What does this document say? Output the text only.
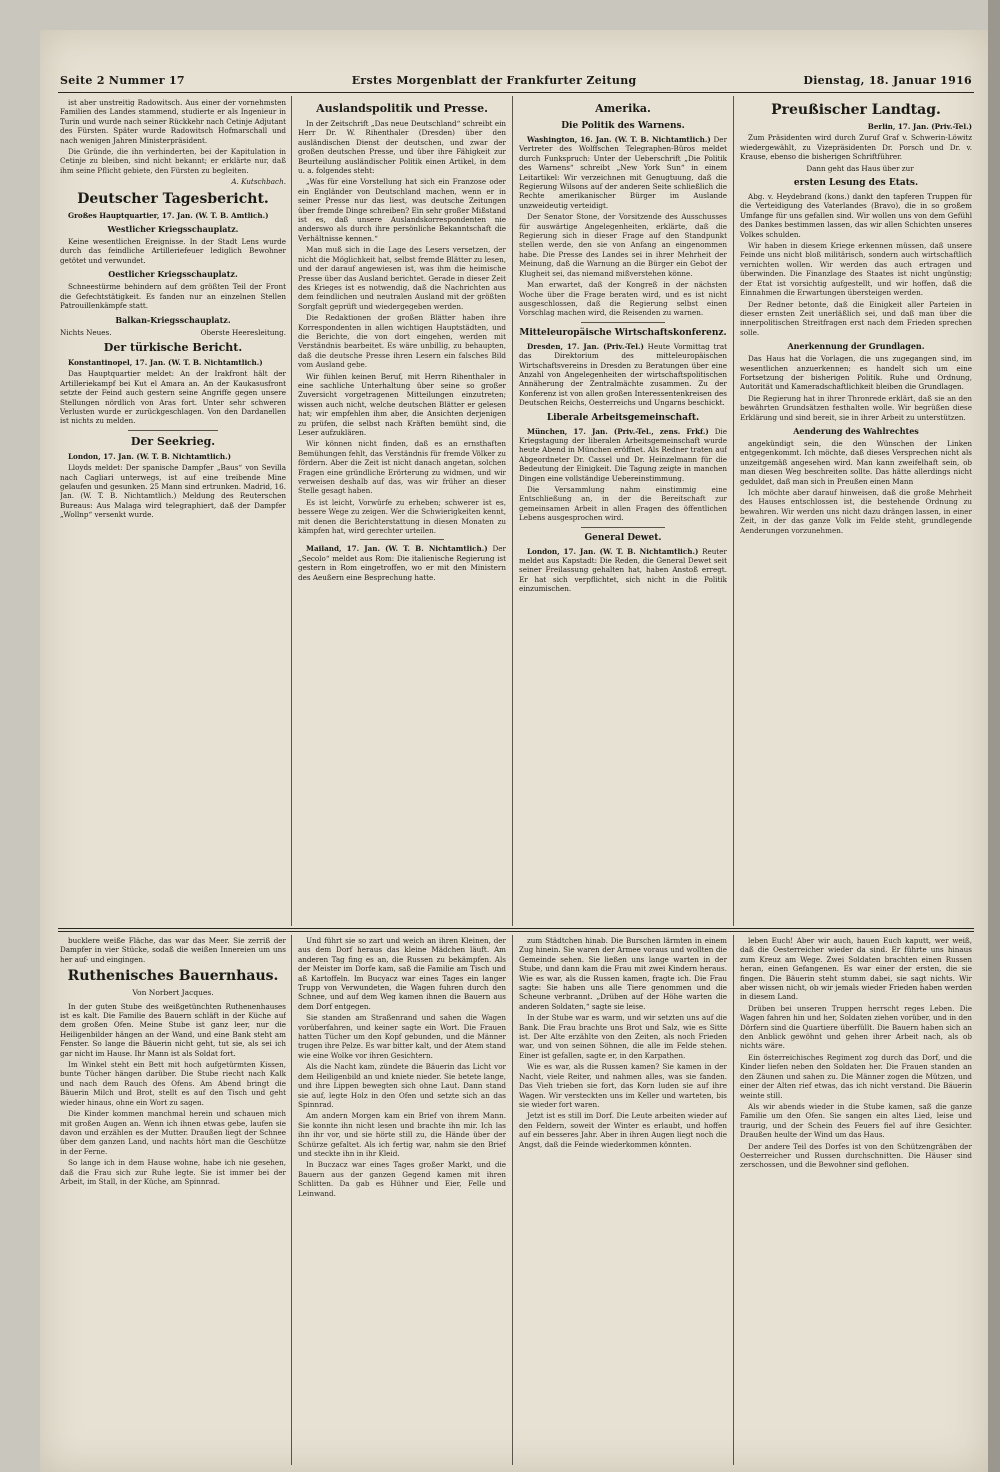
Seite 2 Nummer 17	Erstes Morgenblatt der Frankfurter Zeitung	Dienstag, 18. Januar 1916

ist aber unstreitig Radowitsch. Aus einer der vornehmsten Familien des Landes stammend, studierte er als Ingenieur in Turin und wurde nach seiner Rückkehr nach Cetinje Adjutant des Fürsten. Später wurde Radowitsch Hofmarschall und nach wenigen Jahren Ministerpräsident.

Die Gründe, die ihn verhinderten, bei der Kapitulation in Cetinje zu bleiben, sind nicht bekannt; er erklärte nur, daß ihm seine Pflicht gebiete, den Fürsten zu begleiten.

A. Kutschbach.
Deutscher Tagesbericht.

Großes Hauptquartier, 17. Jan. (W. T. B. Amtlich.)

Westlicher Kriegsschauplatz.

Keine wesentlichen Ereignisse. In der Stadt Lens wurde durch das feindliche Artilleriefeuer lediglich Bewohner getötet und verwundet.

Oestlicher Kriegsschauplatz.

Schneestürme behindern auf dem größten Teil der Front die Gefechtstätigkeit. Es fanden nur an einzelnen Stellen Patrouillenkämpfe statt.

Balkan-Kriegsschauplatz.
Nichts Neues.	Oberste Heeresleitung.
Der türkische Bericht.

Konstantinopel, 17. Jan. (W. T. B. Nichtamtlich.)

Das Hauptquartier meldet: An der Irakfront hält der Artilleriekampf bei Kut el Amara an. An der Kaukasusfront setzte der Feind auch gestern seine Angriffe gegen unsere Stellungen nördlich von Aras fort. Unter sehr schweren Verlusten wurde er zurückgeschlagen. Von den Dardanellen ist nichts zu melden.

Der Seekrieg.

London, 17. Jan. (W. T. B. Nichtamtlich.)

Lloyds meldet: Der spanische Dampfer „Baus“ von Sevilla nach Cagliari unterwegs, ist auf eine treibende Mine gelaufen und gesunken. 25 Mann sind ertrunken. Madrid, 16. Jan. (W. T. B. Nichtamtlich.) Meldung des Reuterschen Bureaus: Aus Malaga wird telegraphiert, daß der Dampfer „Wollnp“ versenkt wurde.

Auslandspolitik und Presse.

In der Zeitschrift „Das neue Deutschland“ schreibt ein Herr Dr. W. Rihenthaler (Dresden) über den ausländischen Dienst der deutschen, und zwar der großen deutschen Presse, und über ihre Fähigkeit zur Beurteilung ausländischer Politik einen Artikel, in dem u. a. folgendes steht:

„Was für eine Vorstellung hat sich ein Franzose oder ein Engländer von Deutschland machen, wenn er in seiner Presse nur das liest, was deutsche Zeitungen über fremde Dinge schreiben? Ein sehr großer Mißstand ist es, daß unsere Auslandskorrespondenten nie anderswo als durch ihre persönliche Bekanntschaft die Verhältnisse kennen.“

Man muß sich in die Lage des Lesers versetzen, der nicht die Möglichkeit hat, selbst fremde Blätter zu lesen, und der darauf angewiesen ist, was ihm die heimische Presse über das Ausland berichtet. Gerade in dieser Zeit des Krieges ist es notwendig, daß die Nachrichten aus dem feindlichen und neutralen Ausland mit der größten Sorgfalt geprüft und wiedergegeben werden.

Die Redaktionen der großen Blätter haben ihre Korrespondenten in allen wichtigen Hauptstädten, und die Berichte, die von dort eingehen, werden mit Verständnis bearbeitet. Es wäre unbillig, zu behaupten, daß die deutsche Presse ihren Lesern ein falsches Bild vom Ausland gebe.

Wir fühlen keinen Beruf, mit Herrn Rihenthaler in eine sachliche Unterhaltung über seine so großer Zuversicht vorgetragenen Mitteilungen einzutreten; wissen auch nicht, welche deutschen Blätter er gelesen hat; wir empfehlen ihm aber, die Ansichten derjenigen zu prüfen, die selbst nach Kräften bemüht sind, die Leser aufzuklären.

Wir können nicht finden, daß es an ernsthaften Bemühungen fehlt, das Verständnis für fremde Völker zu fördern. Aber die Zeit ist nicht danach angetan, solchen Fragen eine gründliche Erörterung zu widmen, und wir verweisen deshalb auf das, was wir früher an dieser Stelle gesagt haben.

Es ist leicht, Vorwürfe zu erheben; schwerer ist es, bessere Wege zu zeigen. Wer die Schwierigkeiten kennt, mit denen die Berichterstattung in diesen Monaten zu kämpfen hat, wird gerechter urteilen.

Mailand, 17. Jan. (W. T. B. Nichtamtlich.) Der „Secolo“ meldet aus Rom: Die italienische Regierung ist gestern in Rom eingetroffen, wo er mit den Ministern des Aeußern eine Besprechung hatte.

Amerika.
Die Politik des Warnens.

Washington, 16. Jan. (W. T. B. Nichtamtlich.) Der Vertreter des Wolffschen Telegraphen-Büros meldet durch Funkspruch: Unter der Ueberschrift „Die Politik des Warnens“ schreibt „New York Sun“ in einem Leitartikel: Wir verzeichnen mit Genugtuung, daß die Regierung Wilsons auf der anderen Seite schließlich die Rechte amerikanischer Bürger im Auslande unzweideutig verteidigt.

Der Senator Stone, der Vorsitzende des Ausschusses für auswärtige Angelegenheiten, erklärte, daß die Regierung sich in dieser Frage auf den Standpunkt stellen werde, den sie von Anfang an eingenommen habe. Die Presse des Landes sei in ihrer Mehrheit der Meinung, daß die Warnung an die Bürger ein Gebot der Klugheit sei, das niemand mißverstehen könne.

Man erwartet, daß der Kongreß in der nächsten Woche über die Frage beraten wird, und es ist nicht ausgeschlossen, daß die Regierung selbst einen Vorschlag machen wird, die Reisenden zu warnen.

Mitteleuropäische Wirtschaftskonferenz.

Dresden, 17. Jan. (Priv.-Tel.) Heute Vormittag trat das Direktorium des mitteleuropäischen Wirtschaftsvereins in Dresden zu Beratungen über eine Anzahl von Angelegenheiten der wirtschaftspolitischen Annäherung der Zentralmächte zusammen. Zu der Konferenz ist von allen großen Interessentenkreisen des Deutschen Reichs, Oesterreichs und Ungarns beschickt.

Liberale Arbeitsgemeinschaft.

München, 17. Jan. (Priv.-Tel., zens. Frkf.) Die Kriegstagung der liberalen Arbeitsgemeinschaft wurde heute Abend in München eröffnet. Als Redner traten auf Abgeordneter Dr. Cassel und Dr. Heinzelmann für die Bedeutung der Einigkeit. Die Tagung zeigte in manchen Dingen eine vollständige Uebereinstimmung.

Die Versammlung nahm einstimmig eine Entschließung an, in der die Bereitschaft zur gemeinsamen Arbeit in allen Fragen des öffentlichen Lebens ausgesprochen wird.

General Dewet.

London, 17. Jan. (W. T. B. Nichtamtlich.) Reuter meldet aus Kapstadt: Die Reden, die General Dewet seit seiner Freilassung gehalten hat, haben Anstoß erregt. Er hat sich verpflichtet, sich nicht in die Politik einzumischen.

Preußischer Landtag.

Berlin, 17. Jan. (Priv.-Tel.)

Zum Präsidenten wird durch Zuruf Graf v. Schwerin-Löwitz wiedergewählt, zu Vizepräsidenten Dr. Porsch und Dr. v. Krause, ebenso die bisherigen Schriftführer.

Dann geht das Haus über zur

ersten Lesung des Etats.

Abg. v. Heydebrand (kons.) dankt den tapferen Truppen für die Verteidigung des Vaterlandes (Bravo), die in so großem Umfange für uns gefallen sind. Wir wollen uns von dem Gefühl des Dankes bestimmen lassen, das wir allen Schichten unseres Volkes schulden.

Wir haben in diesem Kriege erkennen müssen, daß unsere Feinde uns nicht bloß militärisch, sondern auch wirtschaftlich vernichten wollen. Wir werden das auch ertragen und überwinden. Die Finanzlage des Staates ist nicht ungünstig; der Etat ist vorsichtig aufgestellt, und wir hoffen, daß die Einnahmen die Erwartungen übersteigen werden.

Der Redner betonte, daß die Einigkeit aller Parteien in dieser ernsten Zeit unerläßlich sei, und daß man über die innerpolitischen Streitfragen erst nach dem Frieden sprechen solle.

Anerkennung der Grundlagen.

Das Haus hat die Vorlagen, die uns zugegangen sind, im wesentlichen anzuerkennen; es handelt sich um eine Fortsetzung der bisherigen Politik. Ruhe und Ordnung, Autorität und Kameradschaftlichkeit bleiben die Grundlagen.

Die Regierung hat in ihrer Thronrede erklärt, daß sie an den bewährten Grundsätzen festhalten wolle. Wir begrüßen diese Erklärung und sind bereit, sie in ihrer Arbeit zu unterstützen.

Aenderung des Wahlrechtes

angekündigt sein, die den Wünschen der Linken entgegenkommt. Ich möchte, daß dieses Versprechen nicht als unzeitgemäß angesehen wird. Man kann zweifelhaft sein, ob man diesen Weg beschreiten sollte. Das hätte allerdings nicht geduldet, daß man sich in Preußen einen Mann

Ich möchte aber darauf hinweisen, daß die große Mehrheit des Hauses entschlossen ist, die bestehende Ordnung zu bewahren. Wir werden uns nicht dazu drängen lassen, in einer Zeit, in der das ganze Volk im Felde steht, grundlegende Aenderungen vorzunehmen.

bucklere weiße Fläche, das war das Meer. Sie zerriß der Dampfer in vier Stücke, sodaß die weißen Innereien um uns her auf- und eingingen.

Ruthenisches Bauernhaus.
Von Norbert Jacques.

In der guten Stube des weißgetünchten Ruthenenhauses ist es kalt. Die Familie des Bauern schläft in der Küche auf dem großen Ofen. Meine Stube ist ganz leer, nur die Heiligenbilder hängen an der Wand, und eine Bank steht am Fenster. So lange die Bäuerin nicht geht, tut sie, als sei ich gar nicht im Hause. Ihr Mann ist als Soldat fort.

Im Winkel steht ein Bett mit hoch aufgetürmten Kissen, bunte Tücher hängen darüber. Die Stube riecht nach Kalk und nach dem Rauch des Ofens. Am Abend bringt die Bäuerin Milch und Brot, stellt es auf den Tisch und geht wieder hinaus, ohne ein Wort zu sagen.

Die Kinder kommen manchmal herein und schauen mich mit großen Augen an. Wenn ich ihnen etwas gebe, laufen sie davon und erzählen es der Mutter. Draußen liegt der Schnee über dem ganzen Land, und nachts hört man die Geschütze in der Ferne.

So lange ich in dem Hause wohne, habe ich nie gesehen, daß die Frau sich zur Ruhe legte. Sie ist immer bei der Arbeit, im Stall, in der Küche, am Spinnrad.

Und führt sie so zart und weich an ihren Kleinen, der aus dem Dorf heraus das kleine Mädchen läuft. Am anderen Tag fing es an, die Russen zu bekämpfen. Als der Meister im Dorfe kam, saß die Familie am Tisch und aß Kartoffeln. Im Bucyacz war eines Tages ein langer Trupp von Verwundeten, die Wagen fuhren durch den Schnee, und auf dem Weg kamen ihnen die Bauern aus dem Dorf entgegen.

Sie standen am Straßenrand und sahen die Wagen vorüberfahren, und keiner sagte ein Wort. Die Frauen hatten Tücher um den Kopf gebunden, und die Männer trugen ihre Pelze. Es war bitter kalt, und der Atem stand wie eine Wolke vor ihren Gesichtern.

Als die Nacht kam, zündete die Bäuerin das Licht vor dem Heiligenbild an und kniete nieder. Sie betete lange, und ihre Lippen bewegten sich ohne Laut. Dann stand sie auf, legte Holz in den Ofen und setzte sich an das Spinnrad.

Am andern Morgen kam ein Brief von ihrem Mann. Sie konnte ihn nicht lesen und brachte ihn mir. Ich las ihn ihr vor, und sie hörte still zu, die Hände über der Schürze gefaltet. Als ich fertig war, nahm sie den Brief und steckte ihn in ihr Kleid.

In Buczacz war eines Tages großer Markt, und die Bauern aus der ganzen Gegend kamen mit ihren Schlitten. Da gab es Hühner und Eier, Felle und Leinwand.

zum Städtchen hinab. Die Burschen lärmten in einem Zug hinein. Sie waren der Armee voraus und wollten die Gemeinde sehen. Sie ließen uns lange warten in der Stube, und dann kam die Frau mit zwei Kindern heraus. Wie es war, als die Russen kamen, fragte ich. Die Frau sagte: Sie haben uns alle Tiere genommen und die Scheune verbrannt. „Drüben auf der Höhe warten die anderen Soldaten,“ sagte sie leise.

In der Stube war es warm, und wir setzten uns auf die Bank. Die Frau brachte uns Brot und Salz, wie es Sitte ist. Der Alte erzählte von den Zeiten, als noch Frieden war, und von seinen Söhnen, die alle im Felde stehen. Einer ist gefallen, sagte er, in den Karpathen.

Wie es war, als die Russen kamen? Sie kamen in der Nacht, viele Reiter, und nahmen alles, was sie fanden. Das Vieh trieben sie fort, das Korn luden sie auf ihre Wagen. Wir versteckten uns im Keller und warteten, bis sie wieder fort waren.

Jetzt ist es still im Dorf. Die Leute arbeiten wieder auf den Feldern, soweit der Winter es erlaubt, und hoffen auf ein besseres Jahr. Aber in ihren Augen liegt noch die Angst, daß die Feinde wiederkommen könnten.

leben Euch! Aber wir auch, hauen Euch kaputt, wer weiß, daß die Oesterreicher wieder da sind. Er führte uns hinaus zum Kreuz am Wege. Zwei Soldaten brachten einen Russen heran, einen Gefangenen. Es war einer der ersten, die sie fingen. Die Bäuerin steht stumm dabei, sie sagt nichts. Wir aber wissen nicht, ob wir jemals wieder Frieden haben werden in diesem Land.

Drüben bei unseren Truppen herrscht reges Leben. Die Wagen fahren hin und her, Soldaten ziehen vorüber, und in den Dörfern sind die Quartiere überfüllt. Die Bauern haben sich an den Anblick gewöhnt und gehen ihrer Arbeit nach, als ob nichts wäre.

Ein österreichisches Regiment zog durch das Dorf, und die Kinder liefen neben den Soldaten her. Die Frauen standen an den Zäunen und sahen zu. Die Männer zogen die Mützen, und einer der Alten rief etwas, das ich nicht verstand. Die Bäuerin weinte still.

Als wir abends wieder in die Stube kamen, saß die ganze Familie um den Ofen. Sie sangen ein altes Lied, leise und traurig, und der Schein des Feuers fiel auf ihre Gesichter. Draußen heulte der Wind um das Haus.

Der andere Teil des Dorfes ist von den Schützengräben der Oesterreicher und Russen durchschnitten. Die Häuser sind zerschossen, und die Bewohner sind geflohen.
